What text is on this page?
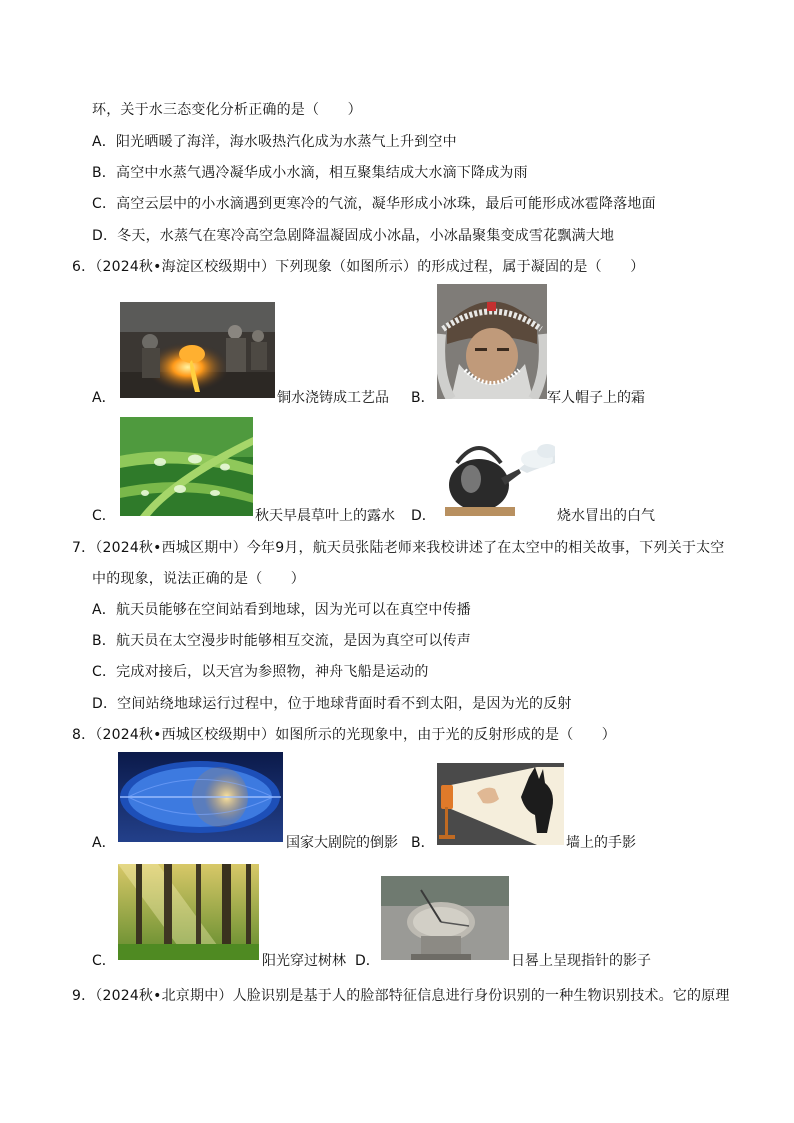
环，关于水三态变化分析正确的是（　　）
A．阳光晒暖了海洋，海水吸热汽化成为水蒸气上升到空中
B．高空中水蒸气遇冷凝华成小水滴，相互聚集结成大水滴下降成为雨
C．高空云层中的小水滴遇到更寒冷的气流，凝华形成小冰珠，最后可能形成冰雹降落地面
D．冬天，水蒸气在寒冷高空急剧降温凝固成小冰晶，小冰晶聚集变成雪花飘满大地
6．（2024秋•海淀区校级期中）下列现象（如图所示）的形成过程，属于凝固的是（　　）
A．	铜水浇铸成工艺品 B．	军人帽子上的霜
C．	秋天早晨草叶上的露水 D．	烧水冒出的白气
7．（2024秋•西城区期中）今年9月，航天员张陆老师来我校讲述了在太空中的相关故事，下列关于太空
中的现象，说法正确的是（　　）
A．航天员能够在空间站看到地球，因为光可以在真空中传播
B．航天员在太空漫步时能够相互交流，是因为真空可以传声
C．完成对接后，以天宫为参照物，神舟飞船是运动的
D．空间站绕地球运行过程中，位于地球背面时看不到太阳，是因为光的反射
8．（2024秋•西城区校级期中）如图所示的光现象中，由于光的反射形成的是（　　）
A．	国家大剧院的倒影 B．	墙上的手影
C．	阳光穿过树林 D．	日晷上呈现指针的影子
9．（2024秋•北京期中）人脸识别是基于人的脸部特征信息进行身份识别的一种生物识别技术。它的原理
